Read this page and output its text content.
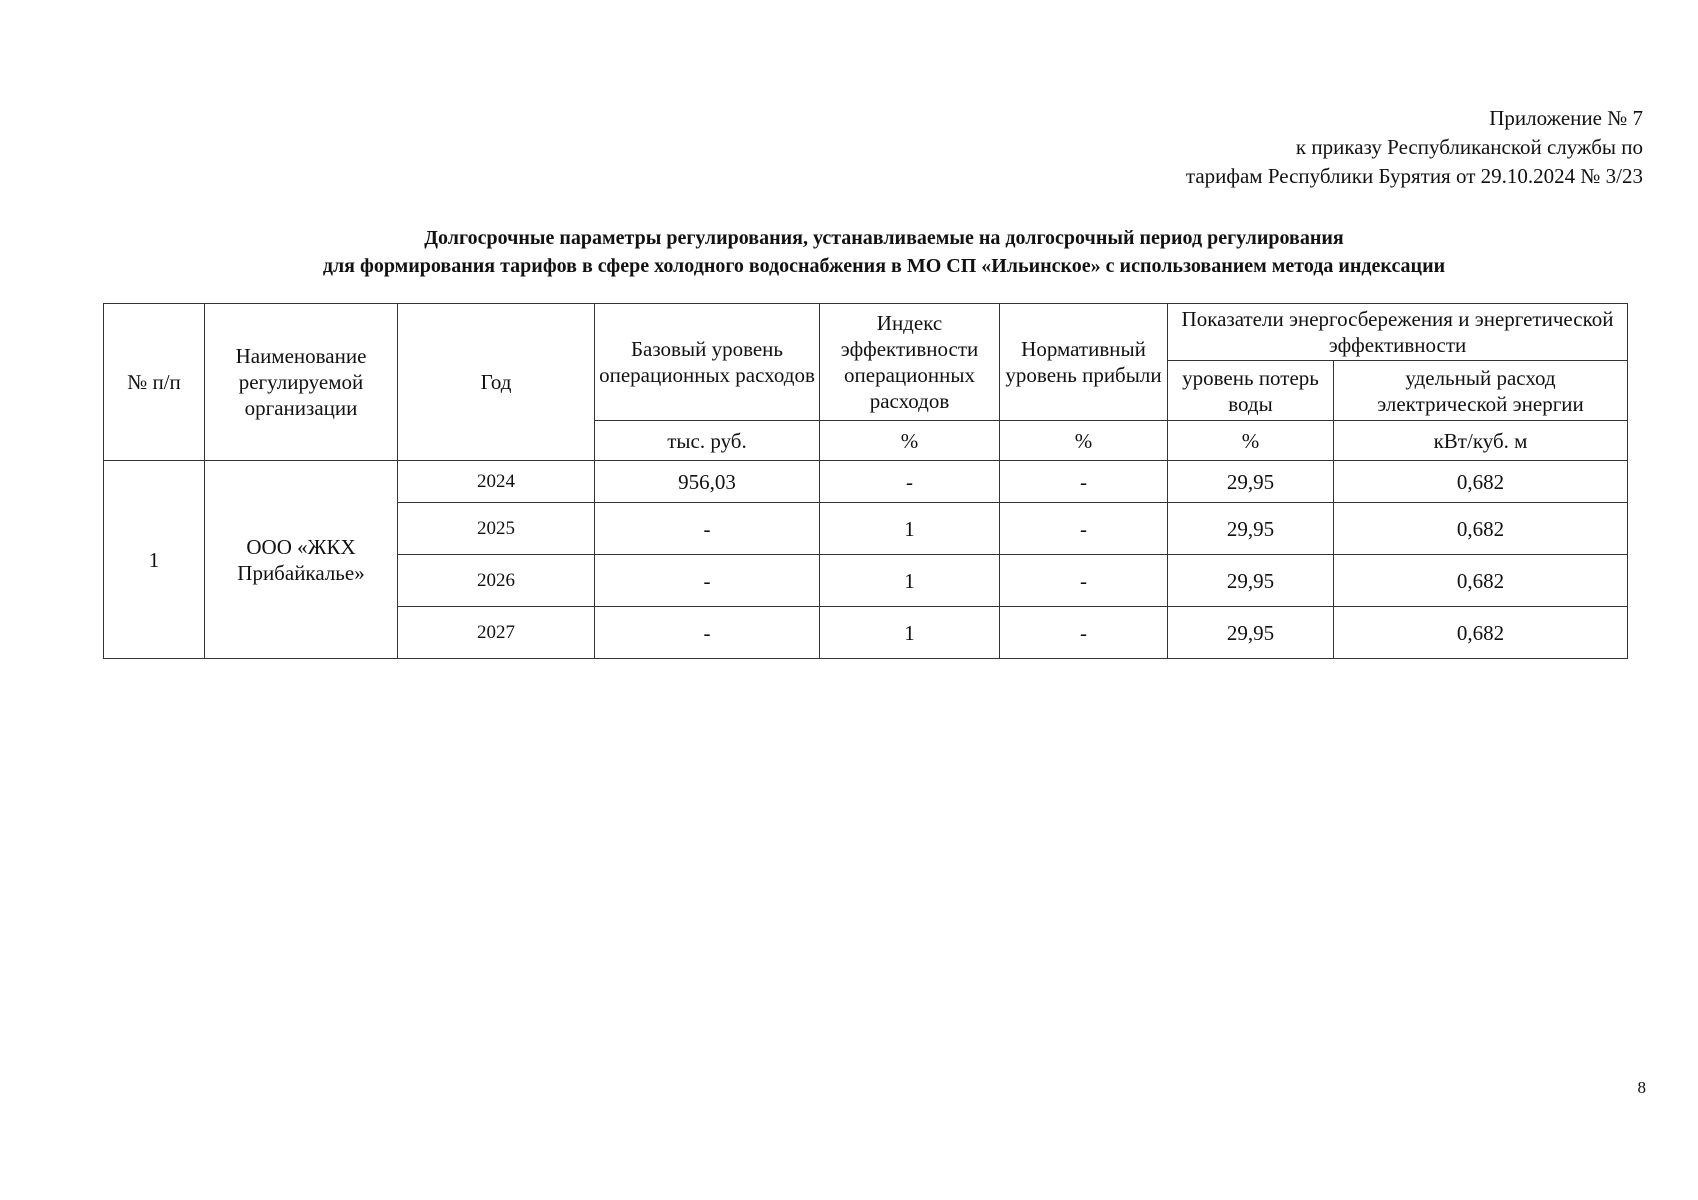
Приложение № 7
к приказу Республиканской службы по
тарифам Республики Бурятия от 29.10.2024 № 3/23
Долгосрочные параметры регулирования, устанавливаемые на долгосрочный период регулирования
для формирования тарифов в сфере холодного водоснабжения в МО СП «Ильинское» с использованием метода индексации
№ п/п	Наименование регулируемой организации	Год	Базовый уровень операционных расходов	Индекс эффективности операционных расходов	Нормативный уровень прибыли	Показатели энергосбережения и энергетической эффективности	
						уровень потерь воды	удельный расход электрической энергии
			тыс. руб.	%	%	%	кВт/куб. м
1	ООО «ЖКХ Прибайкалье»	2024	956,03	-	-	29,95	0,682
		2025	-	1	-	29,95	0,682
		2026	-	1	-	29,95	0,682
		2027	-	1	-	29,95	0,682
8
